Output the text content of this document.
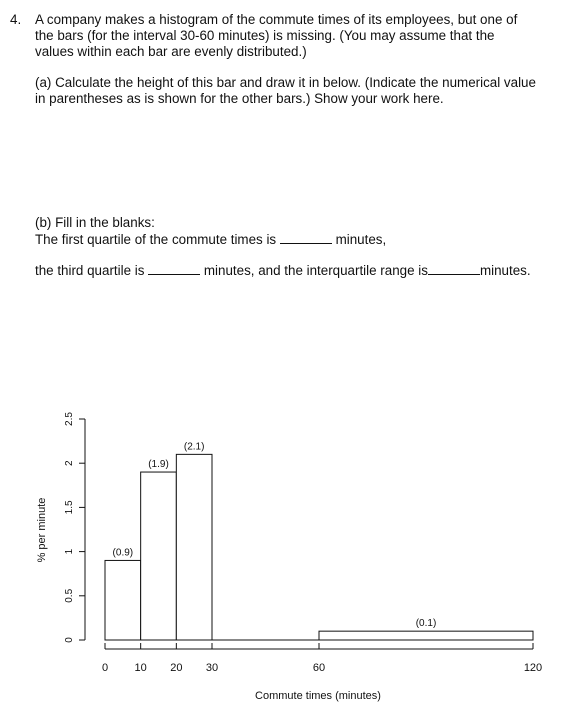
4. A company makes a histogram of the commute times of its employees, but one of
the bars (for the interval 30-60 minutes) is missing. (You may assume that the
values within each bar are evenly distributed.)
(a) Calculate the height of this bar and draw it in below. (Indicate the numerical value
in parentheses as is shown for the other bars.) Show your work here.
(b) Fill in the blanks:
The first quartile of the commute times is	minutes,
the third quartile is	minutes, and the interquartile range is	minutes.
(0.9)
(1.9)
(2.1)
(0.1)
0 10 20 30	60	120
0
0.5
1
1.5
2
2.5
Commute times (minutes)
% per minute
